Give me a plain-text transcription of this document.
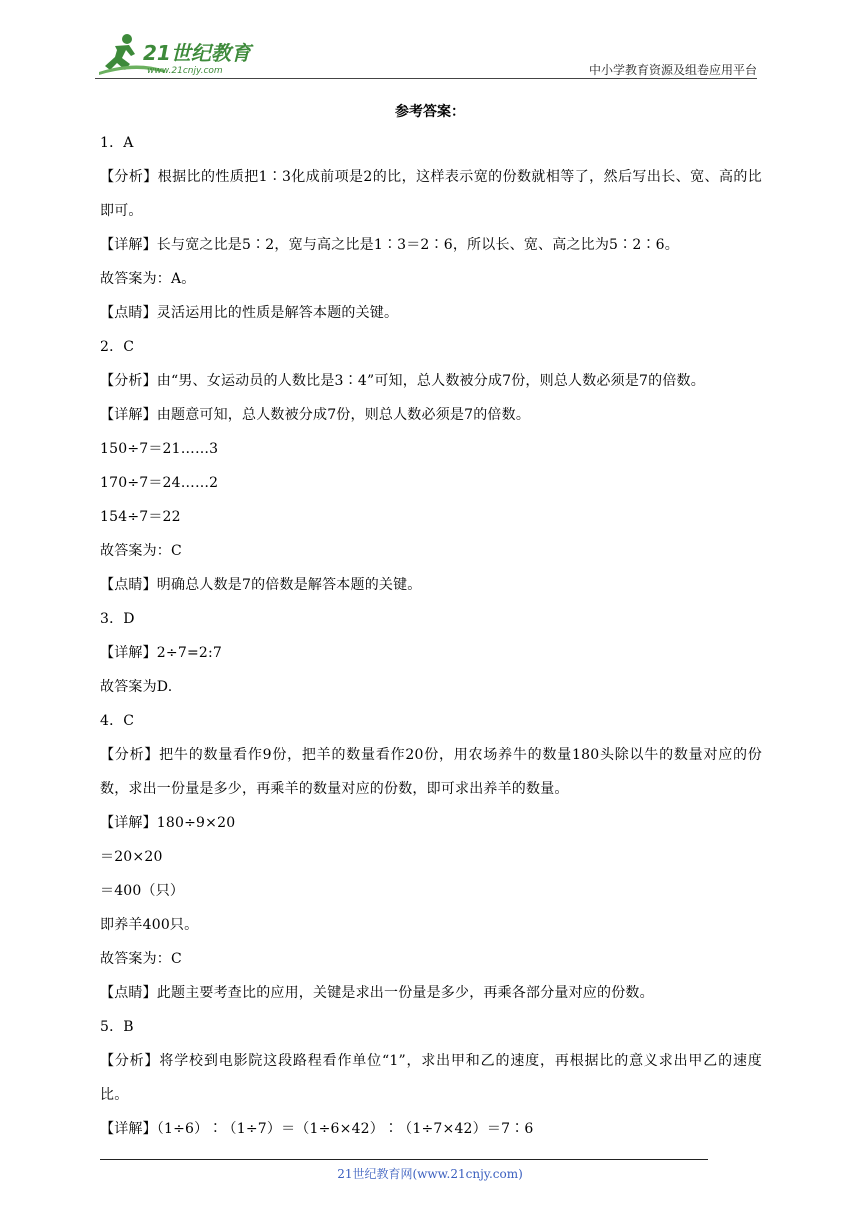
21世纪教育
www.21cnjy.com	中小学教育资源及组卷应用平台
参考答案：
1．A
【分析】根据比的性质把1∶3化成前项是2的比，这样表示宽的份数就相等了，然后写出长、宽、高的比即可。
【详解】长与宽之比是5∶2，宽与高之比是1∶3＝2∶6，所以长、宽、高之比为5∶2∶6。
故答案为：A。
【点睛】灵活运用比的性质是解答本题的关键。
2．C
【分析】由“男、女运动员的人数比是3∶4”可知，总人数被分成7份，则总人数必须是7的倍数。
【详解】由题意可知，总人数被分成7份，则总人数必须是7的倍数。
150÷7＝21……3
170÷7＝24……2
154÷7＝22
故答案为：C
【点睛】明确总人数是7的倍数是解答本题的关键。
3．D
【详解】2÷7=2:7
故答案为D.
4．C
【分析】把牛的数量看作9份，把羊的数量看作20份，用农场养牛的数量180头除以牛的数量对应的份数，求出一份量是多少，再乘羊的数量对应的份数，即可求出养羊的数量。
【详解】180÷9×20
＝20×20
＝400（只）
即养羊400只。
故答案为：C
【点睛】此题主要考查比的应用，关键是求出一份量是多少，再乘各部分量对应的份数。
5．B
【分析】将学校到电影院这段路程看作单位“1”，求出甲和乙的速度，再根据比的意义求出甲乙的速度比。
【详解】（1÷6）∶（1÷7）＝（1÷6×42）∶（1÷7×42）＝7∶6
21世纪教育网(www.21cnjy.com)
